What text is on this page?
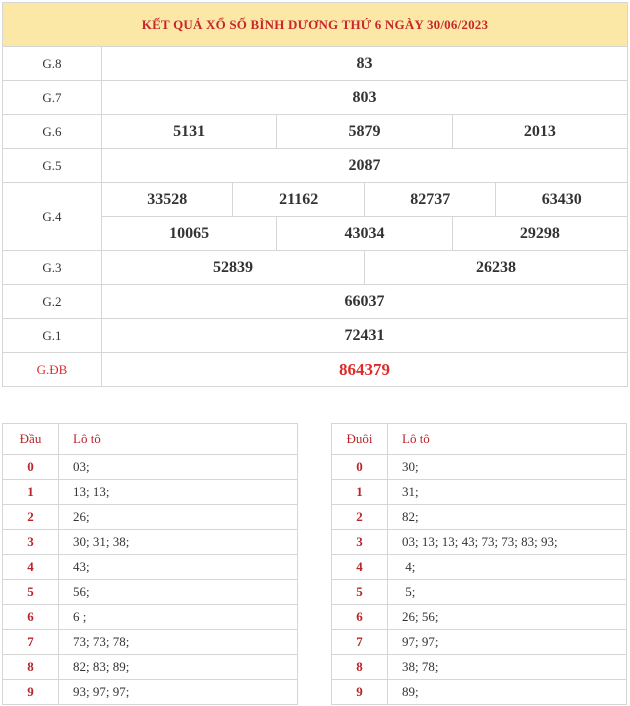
KẾT QUẢ XỔ SỐ BÌNH DƯƠNG THỨ 6 NGÀY 30/06/2023						
G.8	83					
G.7	803					
G.6	5131		5879		2013	
G.5	2087					
G.4	33528	21162		82737		63430
	10065		43034		29298	
G.3	52839			26238		
G.2	66037					
G.1	72431					
G.ĐB	864379					
Đầu	Lô tô
0	03;
1	13; 13;
2	26;
3	30; 31; 38;
4	43;
5	56;
6	6 ;
7	73; 73; 78;
8	82; 83; 89;
9	93; 97; 97;
Đuôi	Lô tô
0	30;
1	31;
2	82;
3	03; 13; 13; 43; 73; 73; 83; 93;
4	4;
5	5;
6	26; 56;
7	97; 97;
8	38; 78;
9	89;
